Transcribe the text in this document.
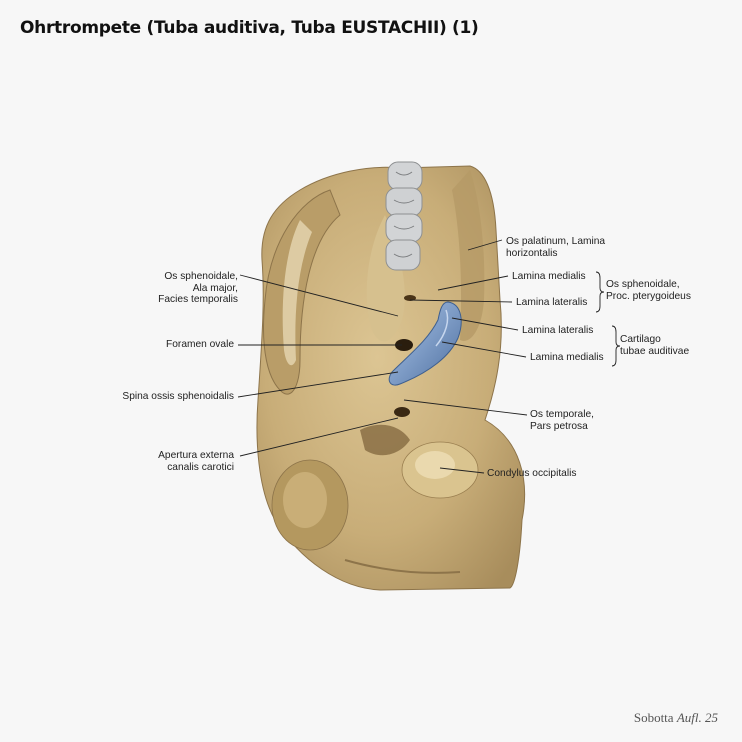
Ohrtrompete (Tuba auditiva, Tuba EUSTACHII) (1)
Os sphenoidale,
Ala major,
Facies temporalis
Foramen ovale
Spina ossis sphenoidalis
Apertura externa
canalis carotici
Os palatinum, Lamina
horizontalis
Lamina medialis
Lamina lateralis
Os sphenoidale,
Proc. pterygoideus
Lamina lateralis
Lamina medialis
Cartilago
tubae auditivae
Os temporale,
Pars petrosa
Condylus occipitalis
Sobotta Aufl. 25
